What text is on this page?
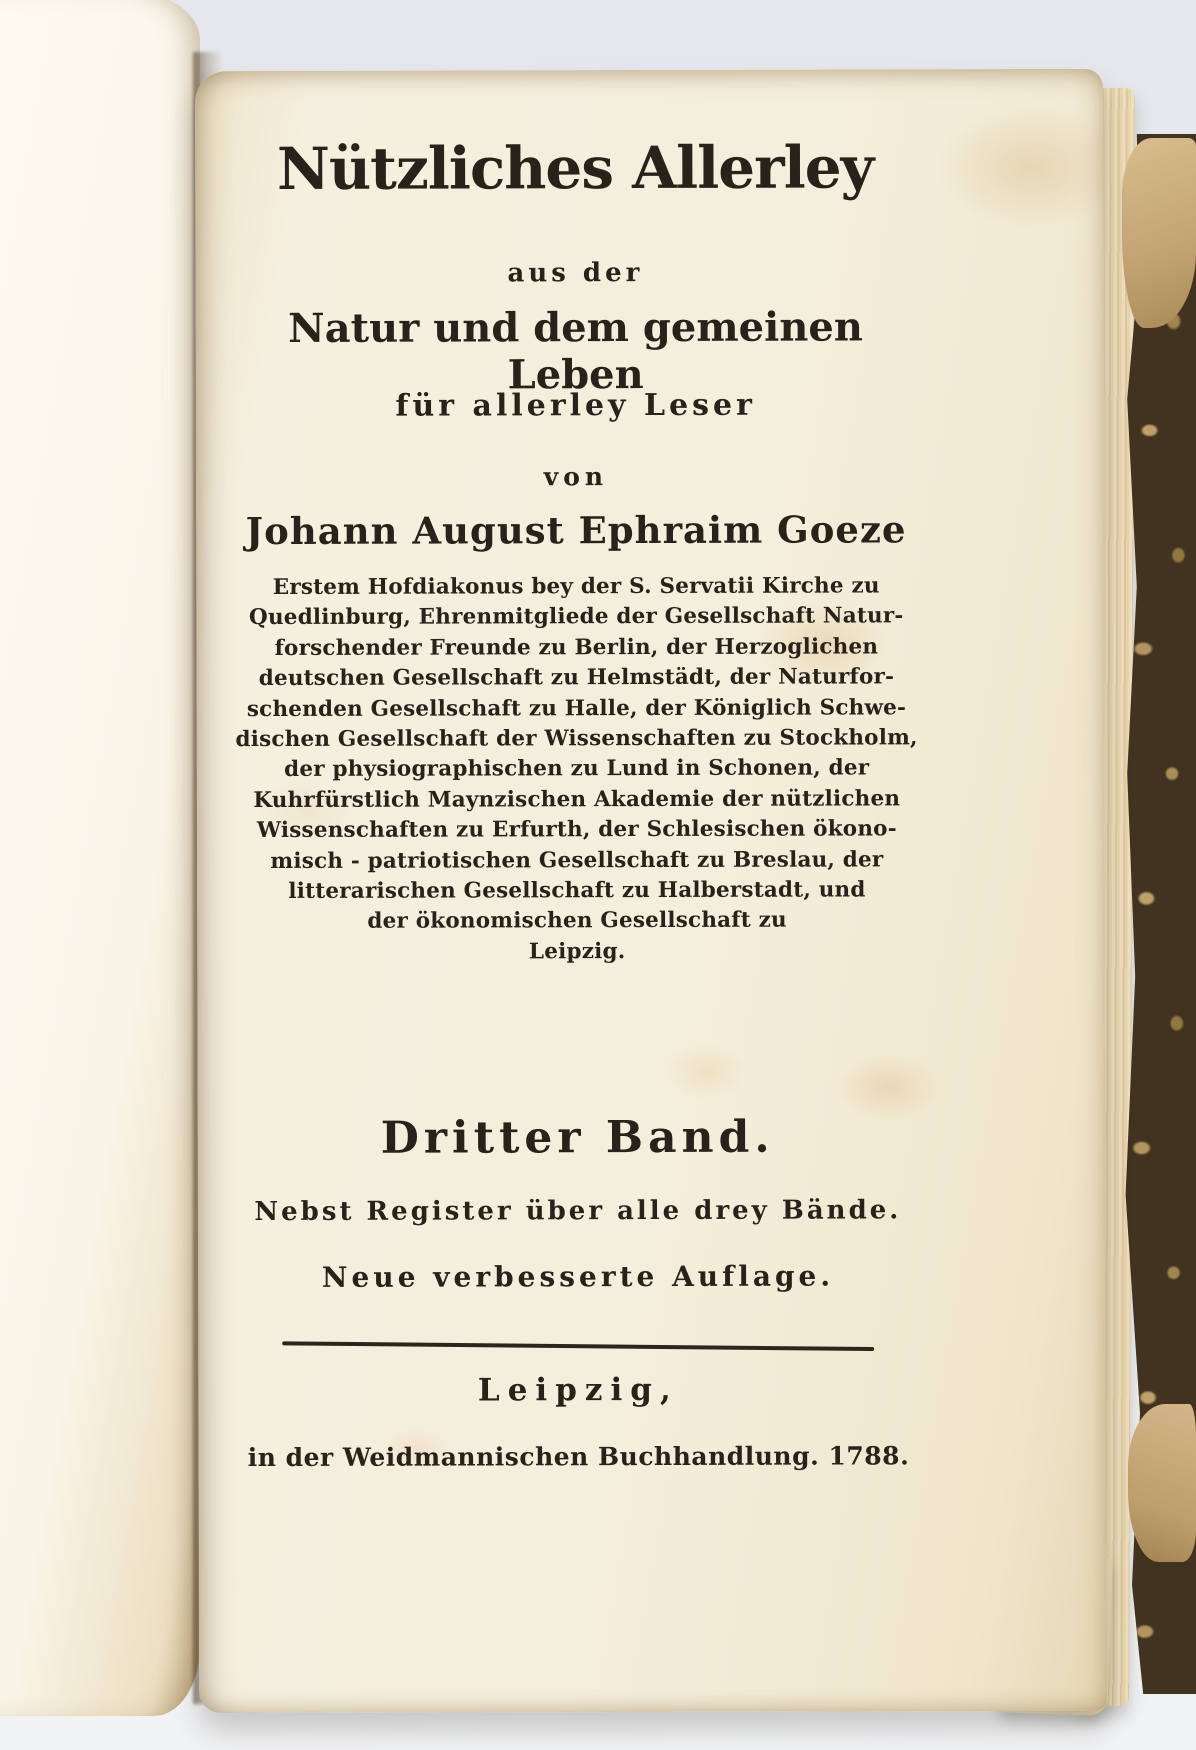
Nützliches Allerley
aus der
Natur und dem gemeinen Leben
für allerley Leser
von
Johann August Ephraim Goeze
Erstem Hofdiakonus bey der S. Servatii Kirche zu
Quedlinburg, Ehrenmitgliede der Gesellschaft Natur-
forschender Freunde zu Berlin, der Herzoglichen
deutschen Gesellschaft zu Helmstädt, der Naturfor-
schenden Gesellschaft zu Halle, der Königlich Schwe-
dischen Gesellschaft der Wissenschaften zu Stockholm,
der physiographischen zu Lund in Schonen, der
Kuhrfürstlich Maynzischen Akademie der nützlichen
Wissenschaften zu Erfurth, der Schlesischen ökono-
misch - patriotischen Gesellschaft zu Breslau, der
litterarischen Gesellschaft zu Halberstadt, und
der ökonomischen Gesellschaft zu
Leipzig.
Dritter Band.
Nebst Register über alle drey Bände.
Neue verbesserte Auflage.
Leipzig,
in der Weidmannischen Buchhandlung. 1788.
